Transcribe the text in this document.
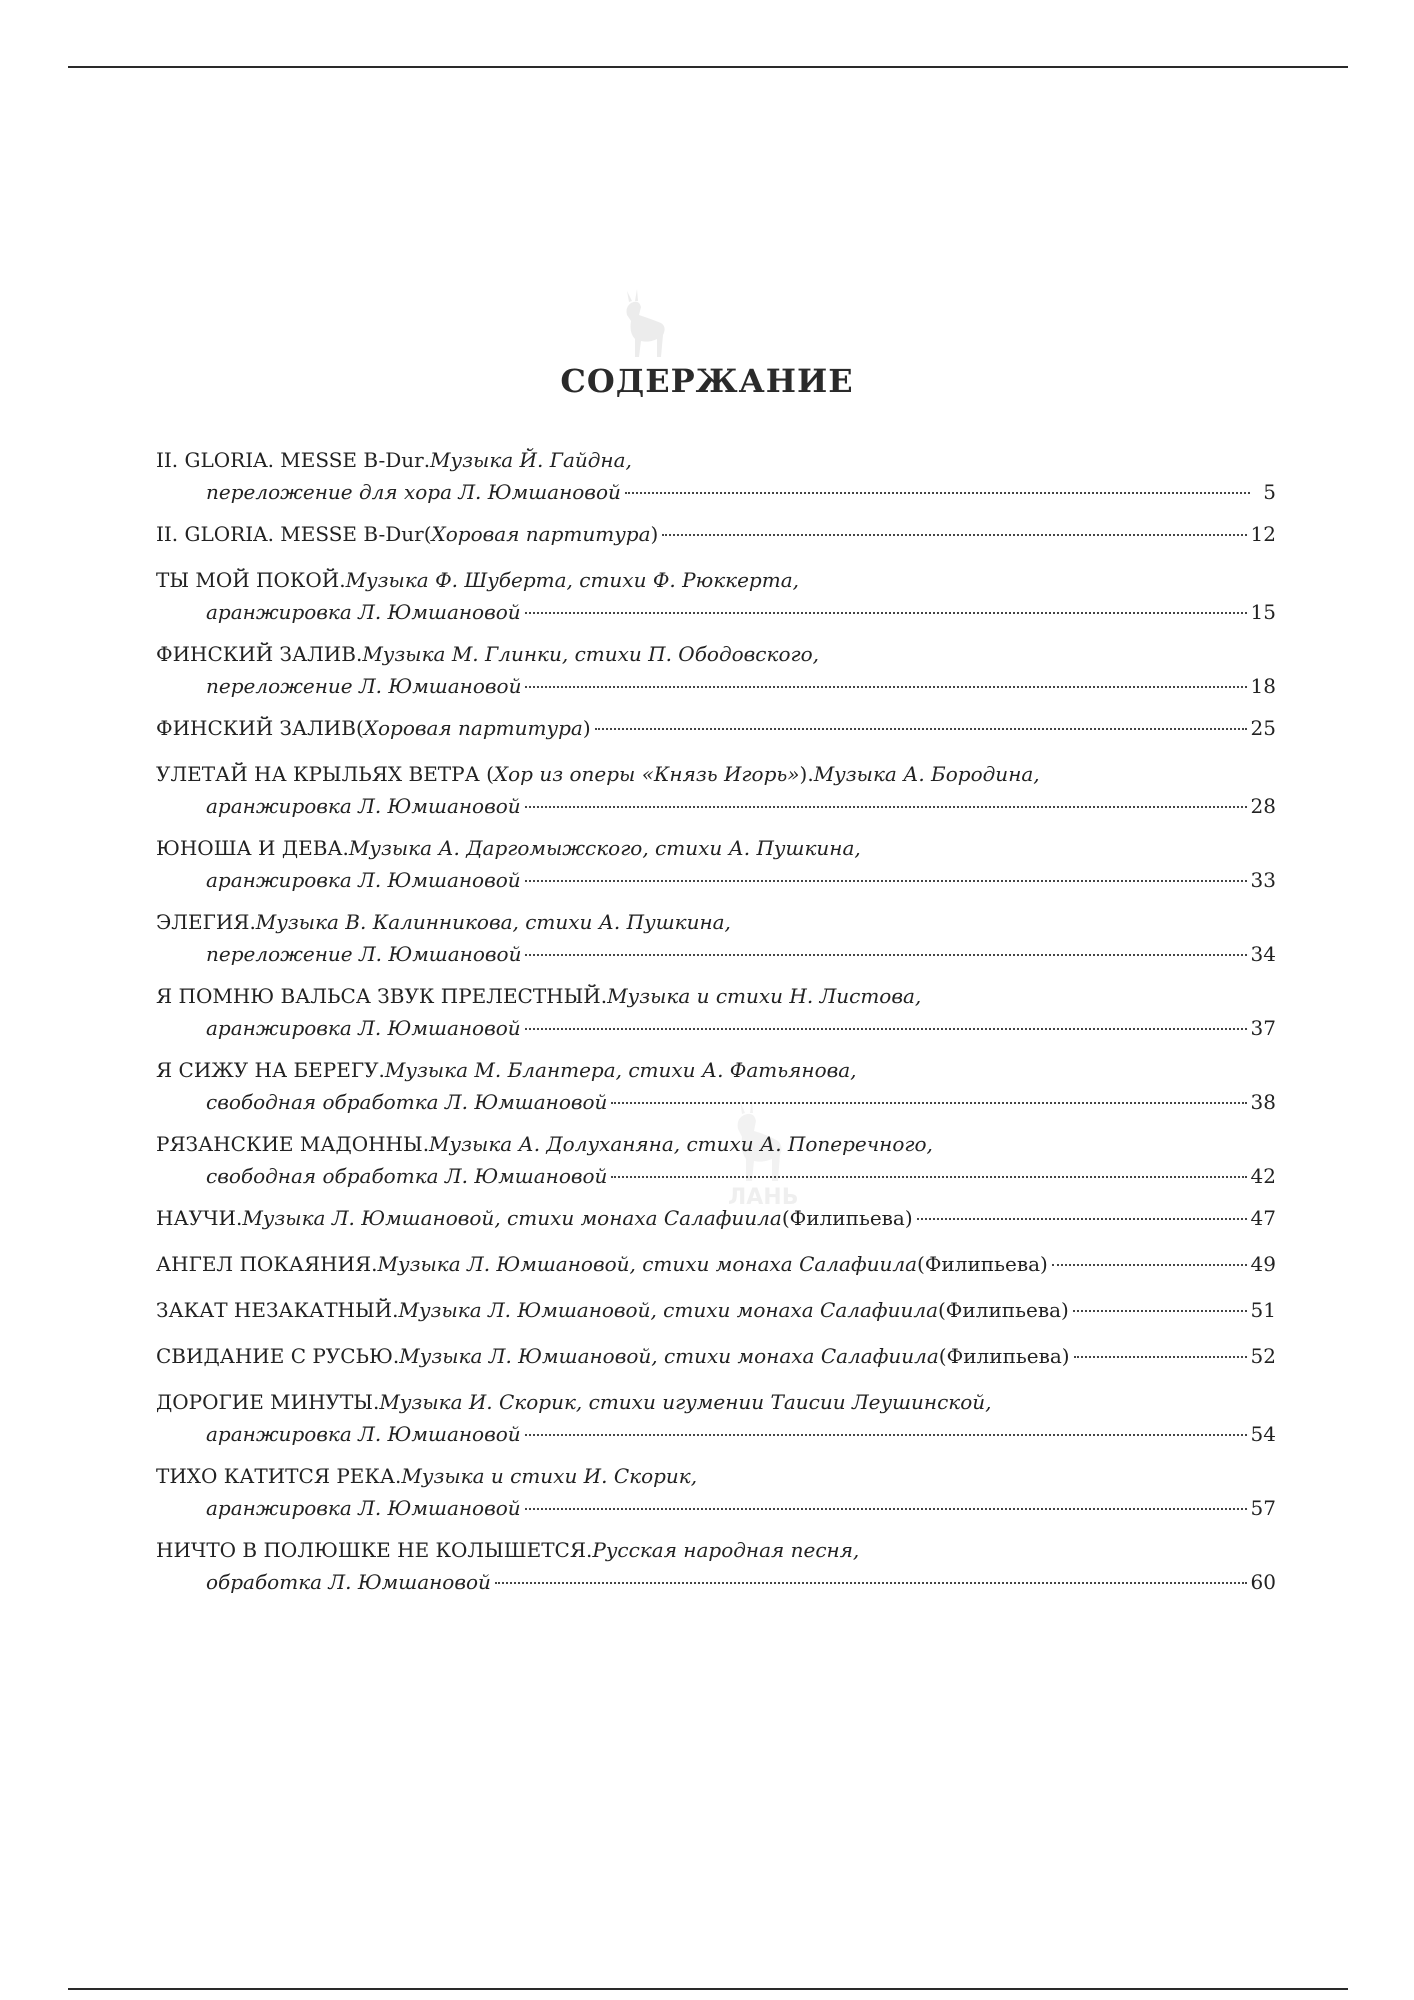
ЛАНЬ
СОДЕРЖАНИЕ
II. GLORIA. MESSE B-Dur . Музыка Й. Гайдна,
переложение для хора Л. Юмшановой	5
II. GLORIA. MESSE B-Dur ( Хоровая партитура )	12
ТЫ МОЙ ПОКОЙ . Музыка Ф. Шуберта, стихи Ф. Рюккерта,
аранжировка Л. Юмшановой	15
ФИНСКИЙ ЗАЛИВ . Музыка М. Глинки, стихи П. Ободовского,
переложение Л. Юмшановой	18
ФИНСКИЙ ЗАЛИВ ( Хоровая партитура )	25
УЛЕТАЙ НА КРЫЛЬЯХ ВЕТРА ( Хор из оперы «Князь Игорь» ). Музыка А. Бородина,
аранжировка Л. Юмшановой	28
ЮНОША И ДЕВА . Музыка А. Даргомыжского, стихи А. Пушкина,
аранжировка Л. Юмшановой	33
ЭЛЕГИЯ . Музыка В. Калинникова, стихи А. Пушкина,
переложение Л. Юмшановой	34
Я ПОМНЮ ВАЛЬСА ЗВУК ПРЕЛЕСТНЫЙ . Музыка и стихи Н. Листова,
аранжировка Л. Юмшановой	37
Я СИЖУ НА БЕРЕГУ . Музыка М. Блантера, стихи А. Фатьянова,
свободная обработка Л. Юмшановой	38
РЯЗАНСКИЕ МАДОННЫ . Музыка А. Долуханяна, стихи А. Поперечного,
свободная обработка Л. Юмшановой	42
НАУЧИ . Музыка Л. Юмшановой, стихи монаха Салафиила (Филипьева)	47
АНГЕЛ ПОКАЯНИЯ . Музыка Л. Юмшановой, стихи монаха Салафиила (Филипьева)	49
ЗАКАТ НЕЗАКАТНЫЙ . Музыка Л. Юмшановой, стихи монаха Салафиила (Филипьева)	51
СВИДАНИЕ С РУСЬЮ . Музыка Л. Юмшановой, стихи монаха Салафиила (Филипьева)	52
ДОРОГИЕ МИНУТЫ . Музыка И. Скорик, стихи игумении Таисии Леушинской,
аранжировка Л. Юмшановой	54
ТИХО КАТИТСЯ РЕКА . Музыка и стихи И. Скорик,
аранжировка Л. Юмшановой	57
НИЧТО В ПОЛЮШКЕ НЕ КОЛЫШЕТСЯ . Русская народная песня,
обработка Л. Юмшановой	60
